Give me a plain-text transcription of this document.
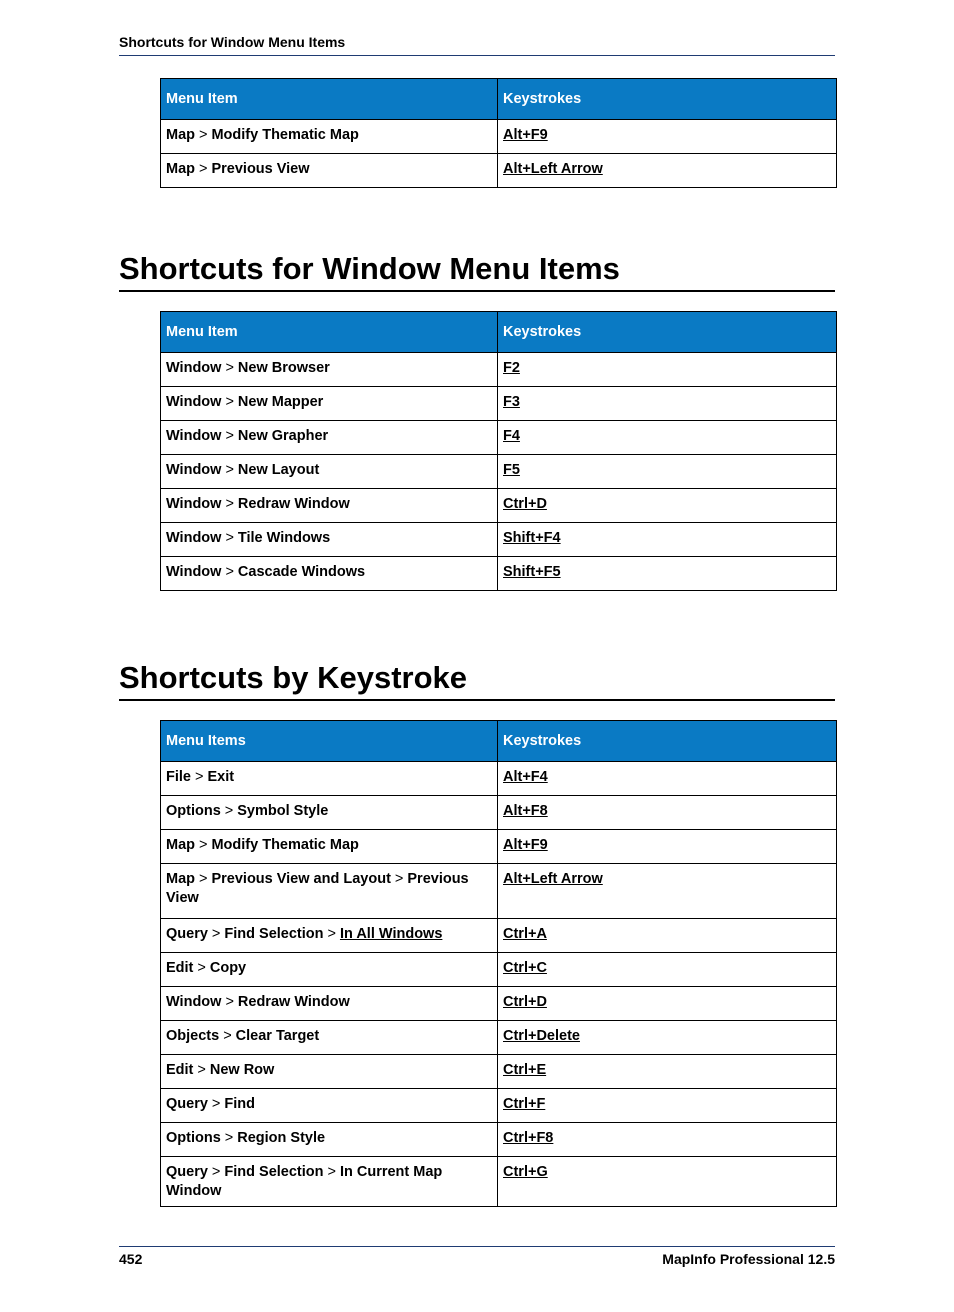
Shortcuts for Window Menu Items
Menu Item	Keystrokes
Map > Modify Thematic Map	Alt+F9
Map > Previous View	Alt+Left Arrow
Shortcuts for Window Menu Items
Menu Item	Keystrokes
Window > New Browser	F2
Window > New Mapper	F3
Window > New Grapher	F4
Window > New Layout	F5
Window > Redraw Window	Ctrl+D
Window > Tile Windows	Shift+F4
Window > Cascade Windows	Shift+F5
Shortcuts by Keystroke
Menu Items	Keystrokes
File > Exit	Alt+F4
Options > Symbol Style	Alt+F8
Map > Modify Thematic Map	Alt+F9
Map > Previous View and Layout > Previous
View	Alt+Left Arrow
Query > Find Selection > In All Windows	Ctrl+A
Edit > Copy	Ctrl+C
Window > Redraw Window	Ctrl+D
Objects > Clear Target	Ctrl+Delete
Edit > New Row	Ctrl+E
Query > Find	Ctrl+F
Options > Region Style	Ctrl+F8
Query > Find Selection > In Current Map
Window	Ctrl+G
452	MapInfo Professional 12.5
